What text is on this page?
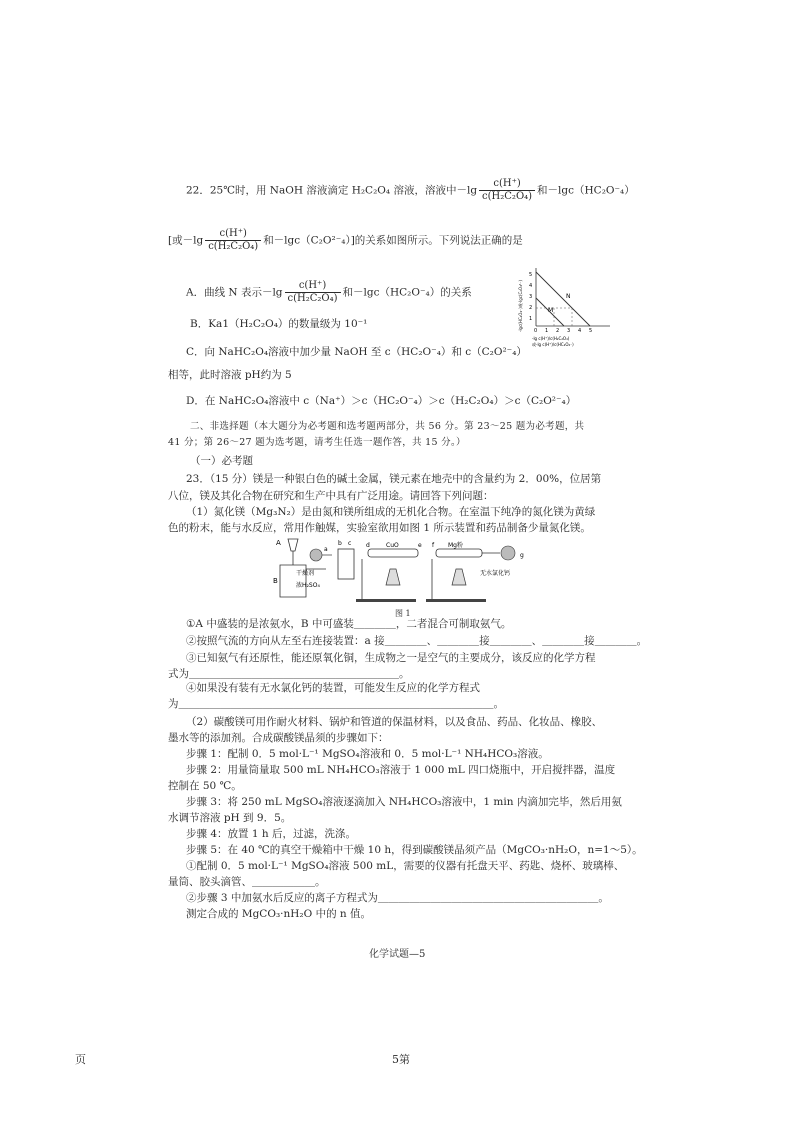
22．25℃时，用 NaOH 溶液滴定 H₂C₂O₄ 溶液，溶液中$-\lg \frac{c(H^+)}{\text{c(H₂C₂O₄)}}$ 和－lgc（HC₂O⁻₄）
[或$-\lg \frac{c(H^+)}{\text{c(H₂C₂O₄)}}$ 和－lgc（C₂O²⁻₄）]的关系如图所示。下列说法正确的是
A．曲线 N 表示$-\lg \frac{c(H^+)}{\text{c(H₂C₂O₄)}}$ 和－lgc（HC₂O⁻₄）的关系
B．Ka1（H₂C₂O₄）的数量级为 10⁻¹
C．向 NaHC₂O₄溶液中加少量 NaOH 至 c（HC₂O⁻₄）和 c（C₂O²⁻₄）
相等，此时溶液 pH约为 5
D．在 NaHC₂O₄溶液中 c（Na⁺）＞c（HC₂O⁻₄）＞c（H₂C₂O₄）＞c（C₂O²⁻₄）
N
M
5
4
3
2
1
0 1 2 3 4 5
-lgc(HC₂O₄⁻)或-lgc(C₂O₄²⁻)
-lg c(H⁺)/c(H₂C₂O₄)
或-lg c(H⁺)/c(HC₂O₄⁻)
二、非选择题（本大题分为必考题和选考题两部分，共 56 分。第 23～25 题为必考题，共
41 分；第 26～27 题为选考题，请考生任选一题作答，共 15 分。）
（一）必考题
23．（15 分）镁是一种银白色的碱土金属，镁元素在地壳中的含量约为 2．00%，位居第
八位，镁及其化合物在研究和生产中具有广泛用途。请回答下列问题：
（1）氮化镁（Mg₃N₂）是由氮和镁所组成的无机化合物。在室温下纯净的氮化镁为黄绿
色的粉末，能与水反应，常用作触媒，实验室欲用如图 1 所示装置和药品制备少量氮化镁。
A
B
a
b c
干燥剂
浓H₂SO₄
CuO
d	e	Mg粉
f
g
无水氯化钙
图 1
①A 中盛装的是浓氨水，B 中可盛装＿＿＿＿，二者混合可制取氨气。
②按照气流的方向从左至右连接装置：a 接＿＿＿＿、＿＿＿＿接＿＿＿＿、＿＿＿＿接＿＿＿＿。
③已知氨气有还原性，能还原氧化铜，生成物之一是空气的主要成分，该反应的化学方程
式为＿＿＿＿＿＿＿＿＿＿＿＿＿＿＿＿＿＿＿＿。
④如果没有装有无水氯化钙的装置，可能发生反应的化学方程式
为＿＿＿＿＿＿＿＿＿＿＿＿＿＿＿＿＿＿＿＿＿＿＿＿＿＿＿＿＿＿。
（2）碳酸镁可用作耐火材料、锅炉和管道的保温材料，以及食品、药品、化妆品、橡胶、
墨水等的添加剂。合成碳酸镁晶须的步骤如下：
步骤 1：配制 0．5 mol·L⁻¹ MgSO₄溶液和 0．5 mol·L⁻¹ NH₄HCO₃溶液。
步骤 2：用量筒量取 500 mL NH₄HCO₃溶液于 1 000 mL 四口烧瓶中，开启搅拌器，温度
控制在 50 ℃。
步骤 3：将 250 mL MgSO₄溶液逐滴加入 NH₄HCO₃溶液中，1 min 内滴加完毕，然后用氨
水调节溶液 pH 到 9．5。
步骤 4：放置 1 h 后，过滤，洗涤。
步骤 5：在 40 ℃的真空干燥箱中干燥 10 h，得到碳酸镁晶须产品（MgCO₃·nH₂O，n=1～5）。
①配制 0．5 mol·L⁻¹ MgSO₄溶液 500 mL，需要的仪器有托盘天平、药匙、烧杯、玻璃棒、
量筒、胶头滴管、＿＿＿＿＿＿。
②步骤 3 中加氨水后反应的离子方程式为＿＿＿＿＿＿＿＿＿＿＿＿＿＿＿＿＿＿＿＿＿。
测定合成的 MgCO₃·nH₂O 中的 n 值。
化学试题—5
页	5第
